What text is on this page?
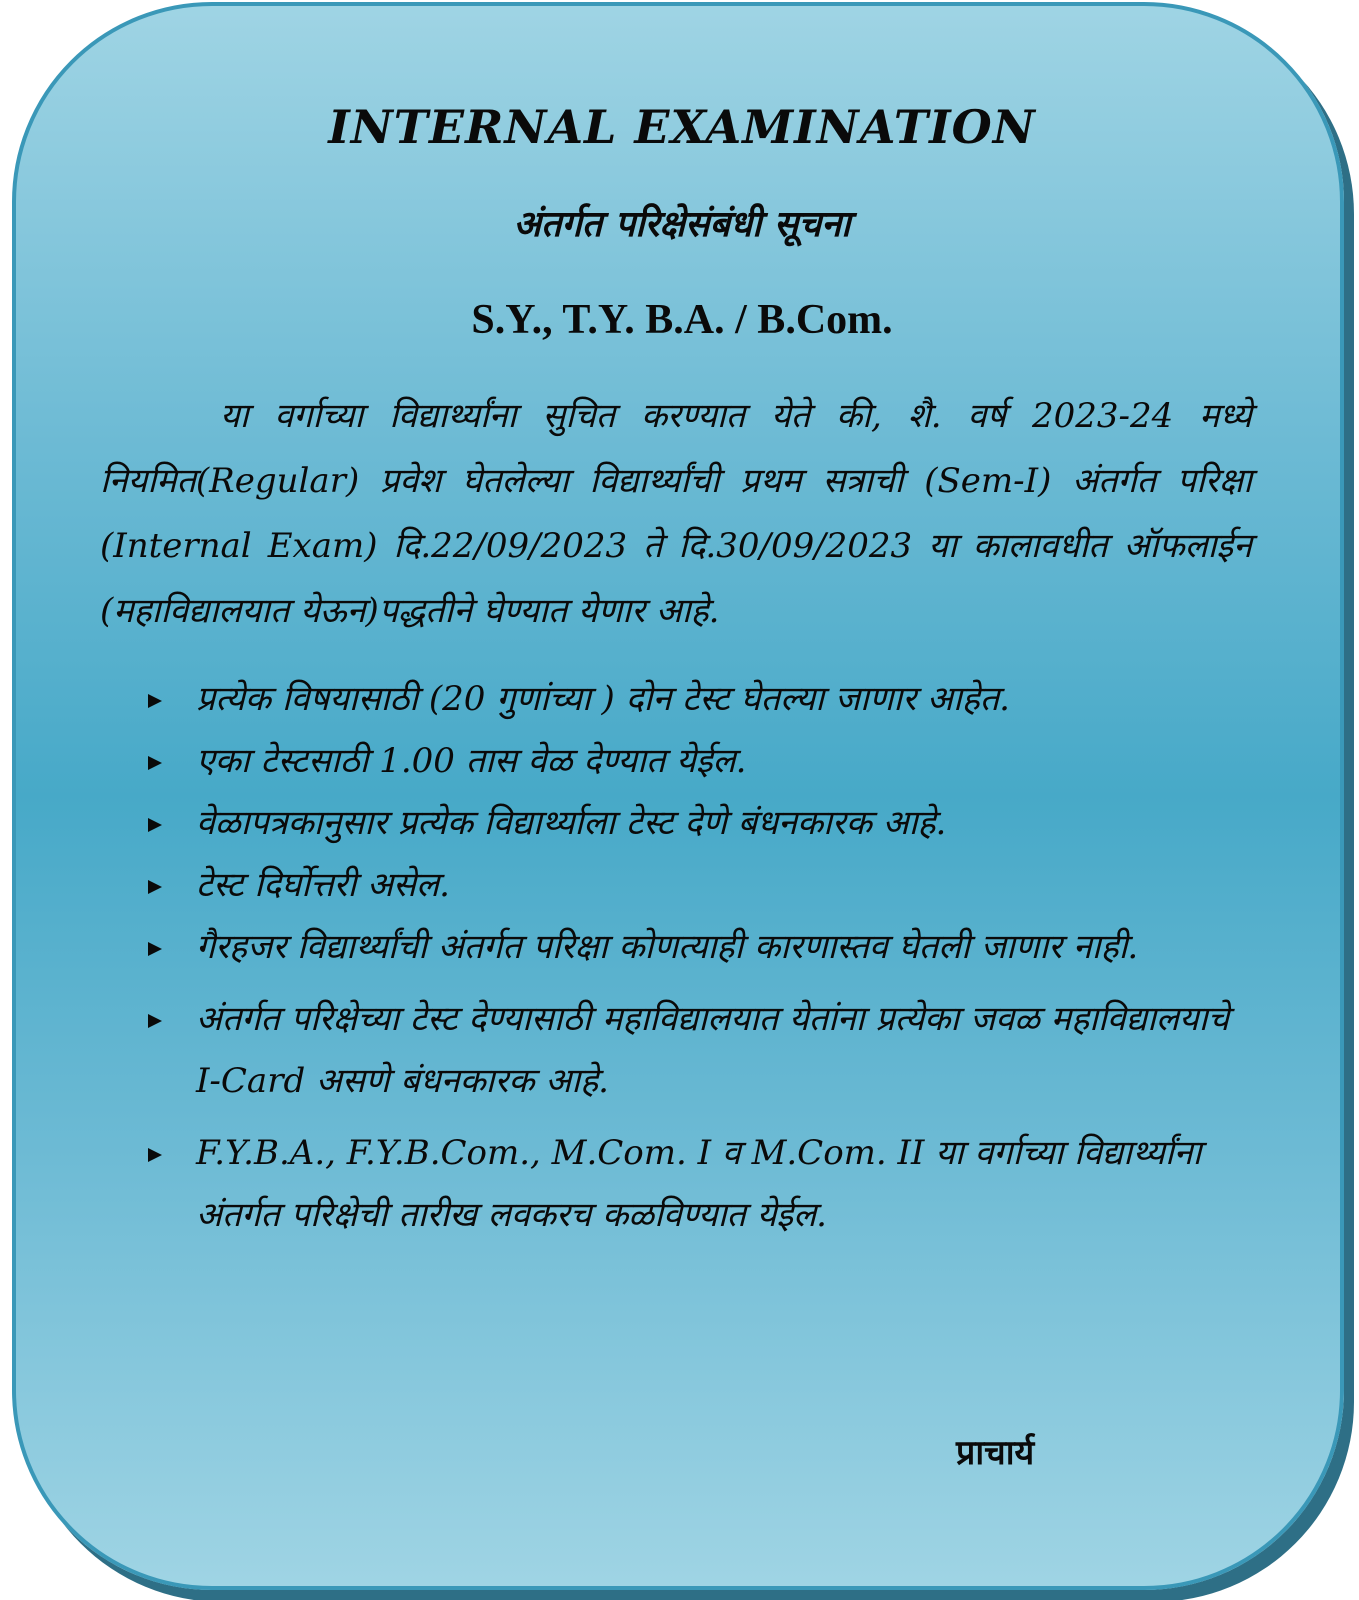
INTERNAL EXAMINATION
अंतर्गत परिक्षेसंबंधी सूचना
S.Y., T.Y. B.A. / B.Com.

या वर्गाच्या विद्यार्थ्यांना सुचित करण्यात येते की, शै. वर्ष 2023-24 मध्ये नियमित(Regular) प्रवेश घेतलेल्या विद्यार्थ्यांची प्रथम सत्राची (Sem-I) अंतर्गत परिक्षा (Internal Exam) दि.22/09/2023 ते दि.30/09/2023 या कालावधीत ऑफलाईन (महाविद्यालयात येऊन)पद्धतीने घेण्यात येणार आहे.

प्रत्येक विषयासाठी (20 गुणांच्या ) दोन टेस्ट घेतल्या जाणार आहेत.
एका टेस्टसाठी 1.00 तास वेळ देण्यात येईल.
वेळापत्रकानुसार प्रत्येक विद्यार्थ्याला टेस्ट देणे बंधनकारक आहे.
टेस्ट दिर्घोत्तरी असेल.
गैरहजर विद्यार्थ्यांची अंतर्गत परिक्षा कोणत्याही कारणास्तव घेतली जाणार नाही.
अंतर्गत परिक्षेच्या टेस्ट देण्यासाठी महाविद्यालयात येतांना प्रत्येका जवळ महाविद्यालयाचे I-Card असणे बंधनकारक आहे.
F.Y.B.A., F.Y.B.Com., M.Com. I व M.Com. II या वर्गाच्या विद्यार्थ्यांना अंतर्गत परिक्षेची तारीख लवकरच कळविण्यात येईल.
प्राचार्य
